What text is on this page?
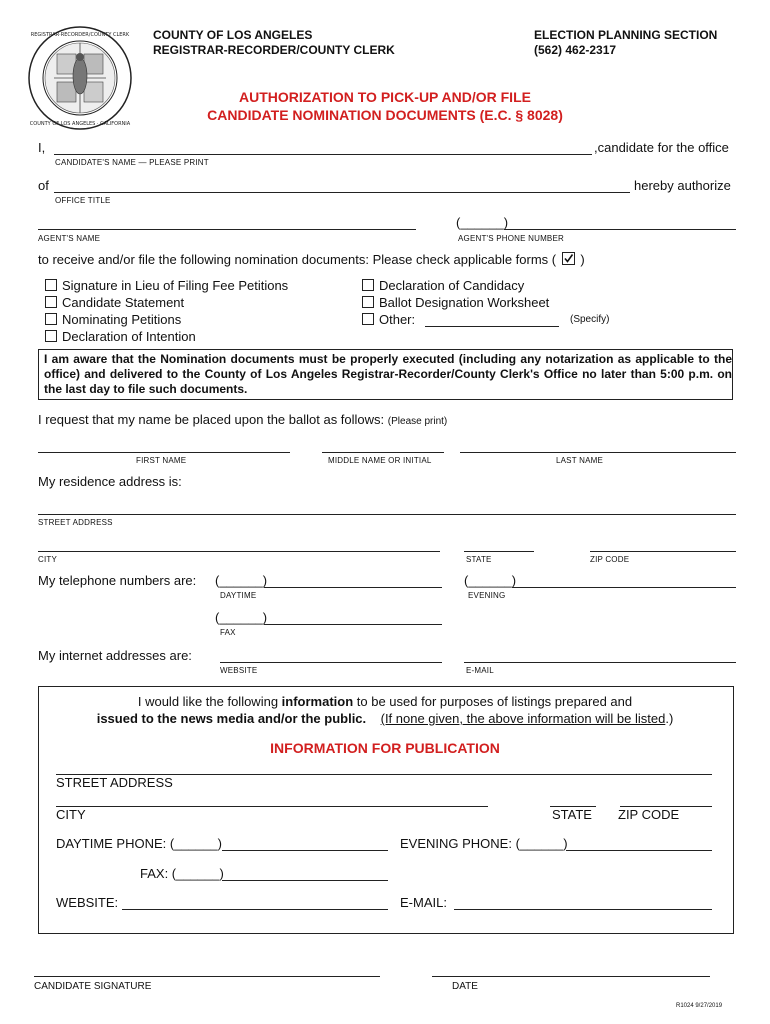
REGISTRAR·RECORDER/COUNTY CLERK
COUNTY OF LOS ANGELES · CALIFORNIA
COUNTY OF LOS ANGELES
REGISTRAR-RECORDER/COUNTY CLERK
ELECTION PLANNING SECTION
(562) 462-2317
AUTHORIZATION TO PICK-UP AND/OR FILE
CANDIDATE NOMINATION DOCUMENTS (E.C. § 8028)
I,	,candidate for the office
CANDIDATE'S NAME — PLEASE PRINT
of	hereby authorize
OFFICE TITLE
(______)
AGENT'S NAME	AGENT'S PHONE NUMBER
to receive and/or file the following nomination documents: Please check applicable forms ( )
Signature in Lieu of Filing Fee Petitions
Candidate Statement
Nominating Petitions
Declaration of Intention
Declaration of Candidacy
Ballot Designation Worksheet
Other:	(Specify)
I am aware that the Nomination documents must be properly executed (including any notarization as applicable to the office) and delivered to the County of Los Angeles Registrar-Recorder/County Clerk's Office no later than 5:00 p.m. on the last day to file such documents.
I request that my name be placed upon the ballot as follows: (Please print)
FIRST NAME	MIDDLE NAME OR INITIAL	LAST NAME
My residence address is:
STREET ADDRESS
CITY	STATE	ZIP CODE
My telephone numbers are: (______)	(______)
DAYTIME	EVENING
(______)
FAX
My internet addresses are:
WEBSITE	E-MAIL
I would like the following information to be used for purposes of listings prepared and
issued to the news media and/or the public. (If none given, the above information will be listed.)
INFORMATION FOR PUBLICATION
STREET ADDRESS
CITY	STATE ZIP CODE
DAYTIME PHONE: (______)	EVENING PHONE: (______)
FAX: (______)
WEBSITE:	E-MAIL:
CANDIDATE SIGNATURE	DATE
R1024 9/27/2019
